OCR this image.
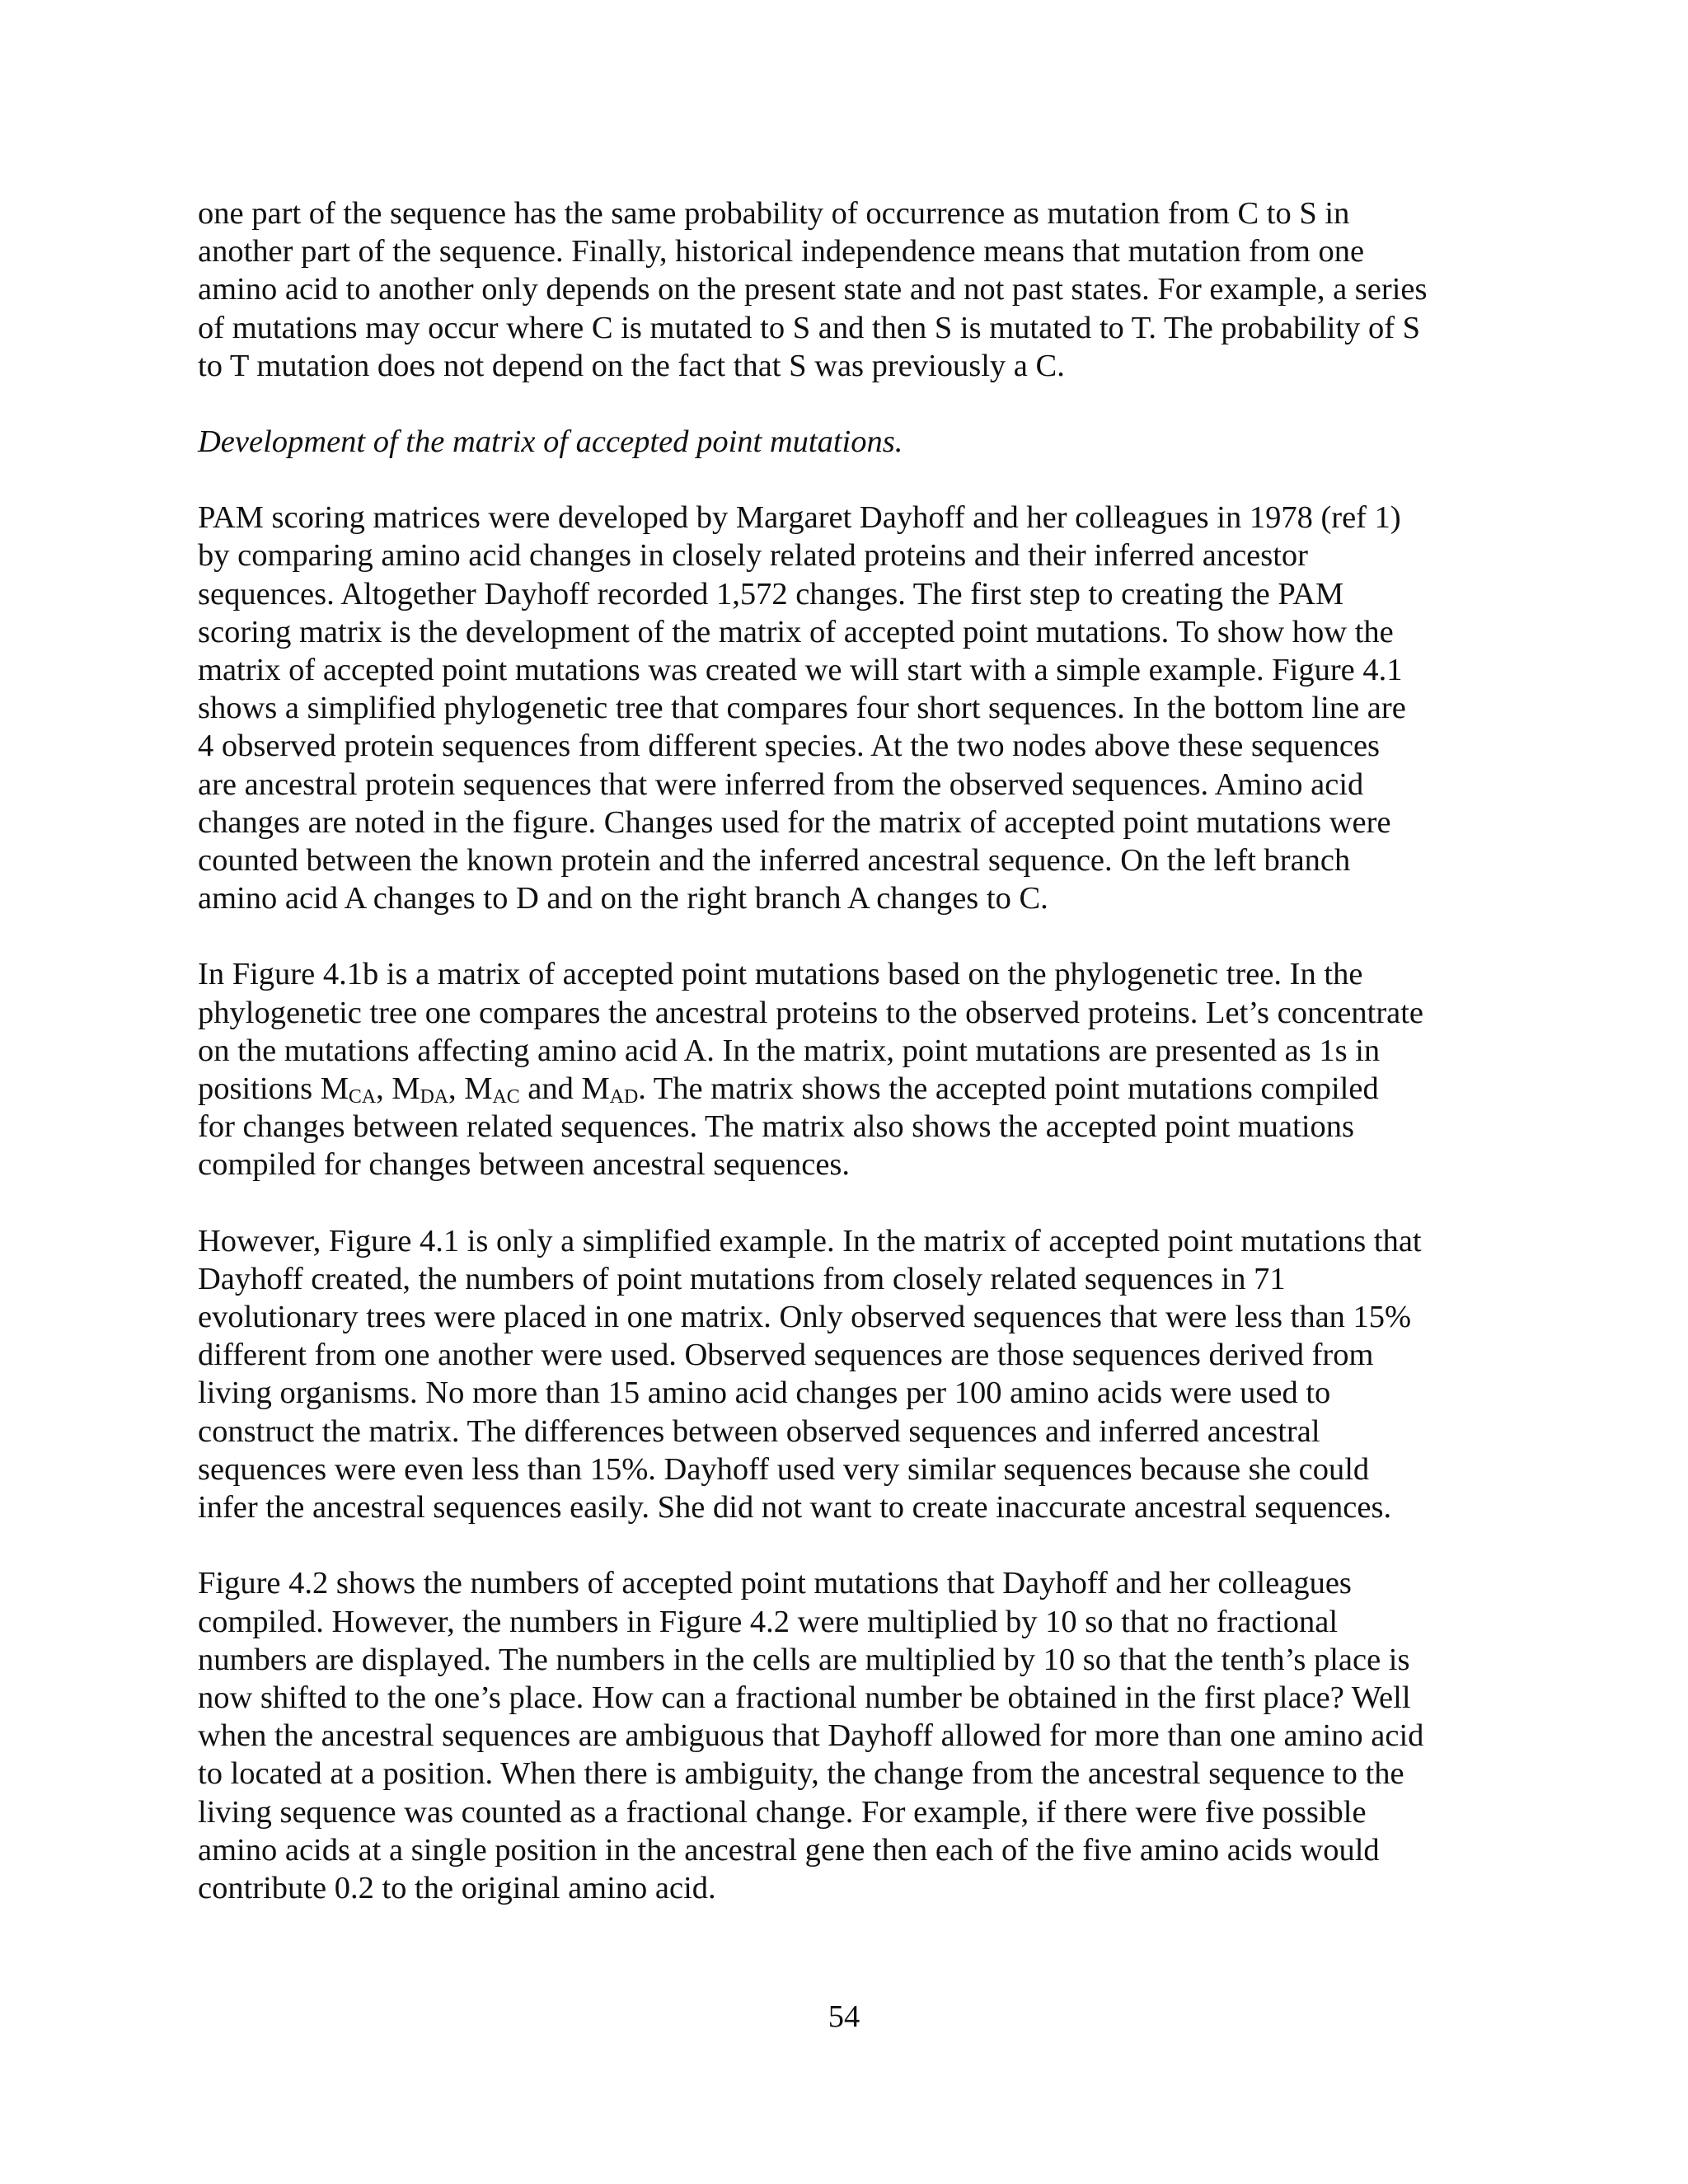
one part of the sequence has the same probability of occurrence as mutation from C to S in
another part of the sequence. Finally, historical independence means that mutation from one
amino acid to another only depends on the present state and not past states. For example, a series
of mutations may occur where C is mutated to S and then S is mutated to T. The probability of S
to T mutation does not depend on the fact that S was previously a C.

Development of the matrix of accepted point mutations.

PAM scoring matrices were developed by Margaret Dayhoff and her colleagues in 1978 (ref 1)
by comparing amino acid changes in closely related proteins and their inferred ancestor
sequences. Altogether Dayhoff recorded 1,572 changes. The first step to creating the PAM
scoring matrix is the development of the matrix of accepted point mutations. To show how the
matrix of accepted point mutations was created we will start with a simple example. Figure 4.1
shows a simplified phylogenetic tree that compares four short sequences. In the bottom line are
4 observed protein sequences from different species. At the two nodes above these sequences
are ancestral protein sequences that were inferred from the observed sequences. Amino acid
changes are noted in the figure. Changes used for the matrix of accepted point mutations were
counted between the known protein and the inferred ancestral sequence. On the left branch
amino acid A changes to D and on the right branch A changes to C.

In Figure 4.1b is a matrix of accepted point mutations based on the phylogenetic tree. In the
phylogenetic tree one compares the ancestral proteins to the observed proteins. Let’s concentrate
on the mutations affecting amino acid A. In the matrix, point mutations are presented as 1s in
positions $M_{CA}$, $M_{DA}$, $M_{AC}$ and $M_{AD}$. The matrix shows the accepted point mutations compiled
for changes between related sequences. The matrix also shows the accepted point muations
compiled for changes between ancestral sequences.

However, Figure 4.1 is only a simplified example. In the matrix of accepted point mutations that
Dayhoff created, the numbers of point mutations from closely related sequences in 71
evolutionary trees were placed in one matrix. Only observed sequences that were less than 15%
different from one another were used. Observed sequences are those sequences derived from
living organisms. No more than 15 amino acid changes per 100 amino acids were used to
construct the matrix. The differences between observed sequences and inferred ancestral
sequences were even less than 15%. Dayhoff used very similar sequences because she could
infer the ancestral sequences easily. She did not want to create inaccurate ancestral sequences.

Figure 4.2 shows the numbers of accepted point mutations that Dayhoff and her colleagues
compiled. However, the numbers in Figure 4.2 were multiplied by 10 so that no fractional
numbers are displayed. The numbers in the cells are multiplied by 10 so that the tenth’s place is
now shifted to the one’s place. How can a fractional number be obtained in the first place? Well
when the ancestral sequences are ambiguous that Dayhoff allowed for more than one amino acid
to located at a position. When there is ambiguity, the change from the ancestral sequence to the
living sequence was counted as a fractional change. For example, if there were five possible
amino acids at a single position in the ancestral gene then each of the five amino acids would
contribute 0.2 to the original amino acid.

54
